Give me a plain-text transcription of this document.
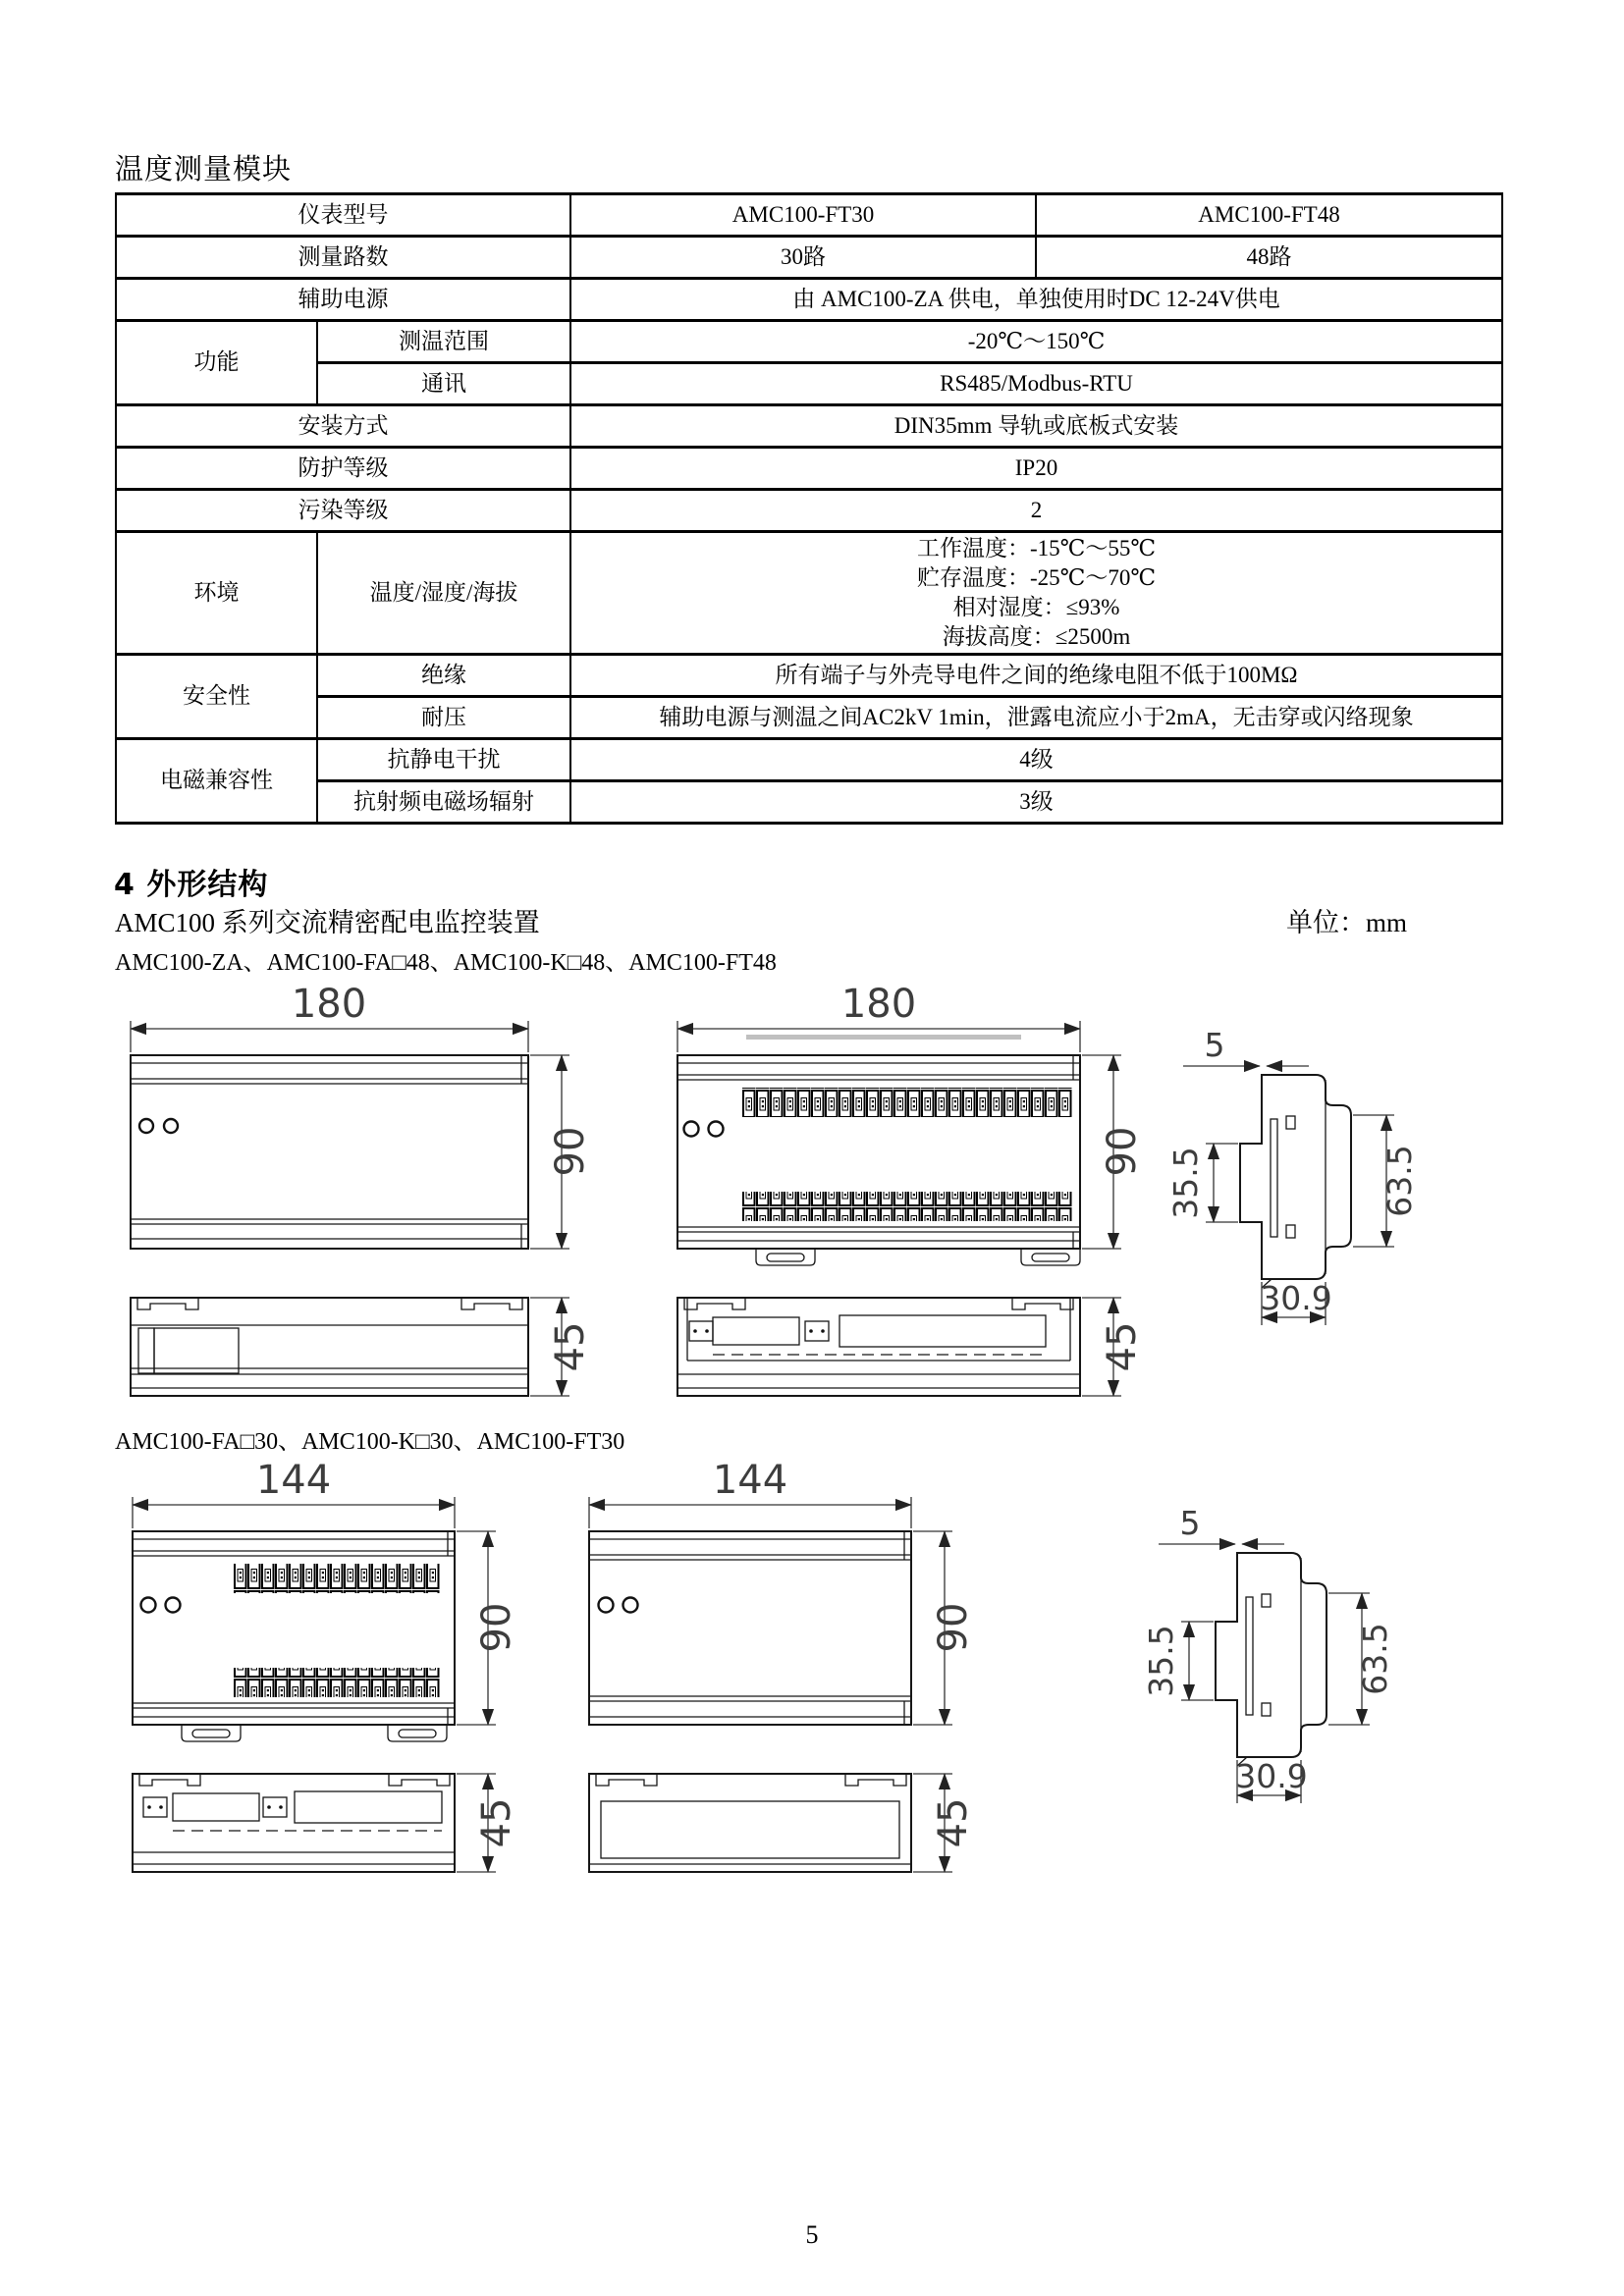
温度测量模块
仪表型号		AMC100-FT30	AMC100-FT48
测量路数		30路	48路
辅助电源		由 AMC100-ZA 供电，单独使用时DC 12-24V供电	
功能	测温范围	-20℃～150℃	
	通讯	RS485/Modbus-RTU	
安装方式		DIN35mm 导轨或底板式安装	
防护等级		IP20	
污染等级		2	
环境	温度/湿度/海拔	工作温度：-15℃～55℃
贮存温度：-25℃～70℃
相对湿度：≤93%
海拔高度：≤2500m	

安全性	绝缘	所有端子与外壳导电件之间的绝缘电阻不低于100MΩ	
	耐压	辅助电源与测温之间AC2kV 1min，泄露电流应小于2mA，无击穿或闪络现象	
电磁兼容性	抗静电干扰	4级	
	抗射频电磁场辐射	3级	
4 外形结构
AMC100 系列交流精密配电监控装置	单位：mm
AMC100-ZA、AMC100-FA□48、AMC100-K□48、AMC100-FT48
AMC100-FA□30、AMC100-K□30、AMC100-FT30
180
90
45
180
90
45
144
90
45
144
90
45
5
